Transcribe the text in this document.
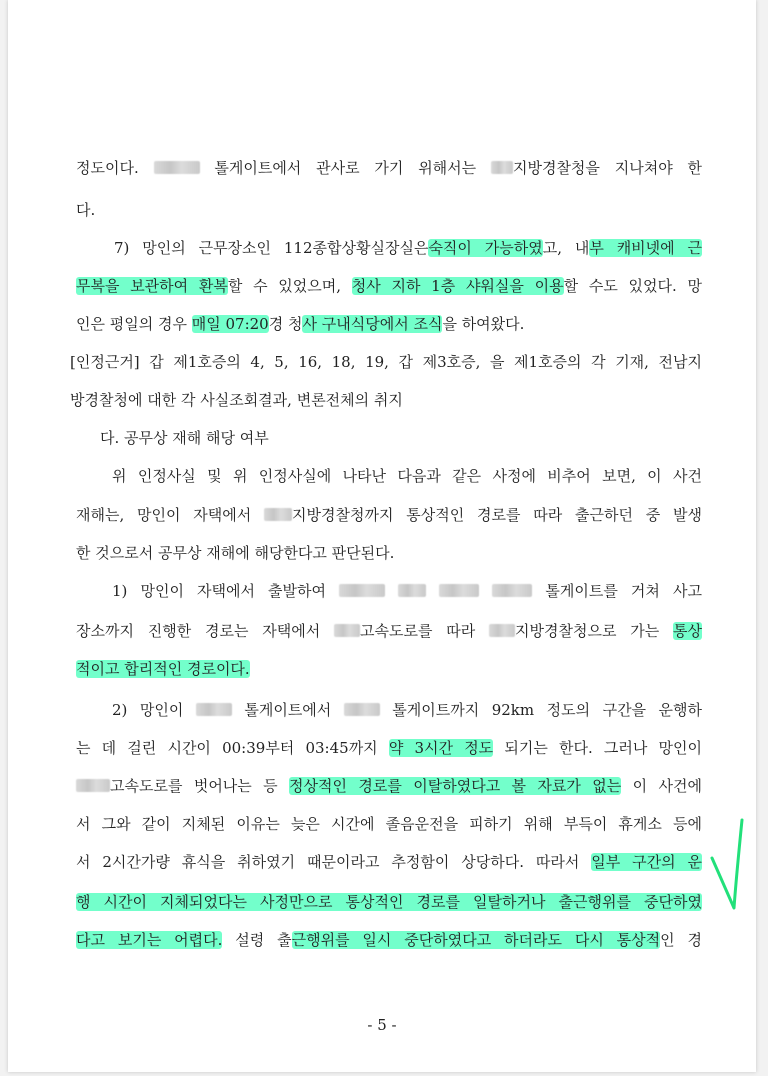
정도이다.	톨게이트에서 관사로 가기 위해서는 지방경찰청을 지나쳐야 한
다.
7) 망인의 근무장소인 112종합상황실장실은숙직이 가능하였고, 내부 캐비넷에 근
무복을 보관하여 환복할 수 있었으며, 청사 지하 1층 샤워실을 이용할 수도 있었다. 망
인은 평일의 경우 매일 07:20경 청사 구내식당에서 조식을 하여왔다.
[인정근거] 갑 제1호증의 4, 5, 16, 18, 19, 갑 제3호증, 을 제1호증의 각 기재, 전남지
방경찰청에 대한 각 사실조회결과, 변론전체의 취지
다. 공무상 재해 해당 여부
위 인정사실 및 위 인정사실에 나타난 다음과 같은 사정에 비추어 보면, 이 사건
재해는, 망인이 자택에서 지방경찰청까지 통상적인 경로를 따라 출근하던 중 발생
한 것으로서 공무상 재해에 해당한다고 판단된다.
1) 망인이 자택에서 출발하여	톨게이트를 거쳐 사고
장소까지 진행한 경로는 자택에서 고속도로를 따라 지방경찰청으로 가는 통상
적이고 합리적인 경로이다.
2) 망인이  톨게이트에서  톨게이트까지 92km 정도의 구간을 운행하
는 데 걸린 시간이 00:39부터 03:45까지 약 3시간 정도 되기는 한다. 그러나 망인이
고속도로를 벗어나는 등 정상적인 경로를 이탈하였다고 볼 자료가 없는 이 사건에
서 그와 같이 지체된 이유는 늦은 시간에 졸음운전을 피하기 위해 부득이 휴게소 등에
서 2시간가량 휴식을 취하였기 때문이라고 추정함이 상당하다. 따라서 일부 구간의 운
행 시간이 지체되었다는 사정만으로 통상적인 경로를 일탈하거나 출근행위를 중단하였
다고 보기는 어렵다. 설령 출근행위를 일시 중단하였다고 하더라도 다시 통상적인 경
- 5 -
